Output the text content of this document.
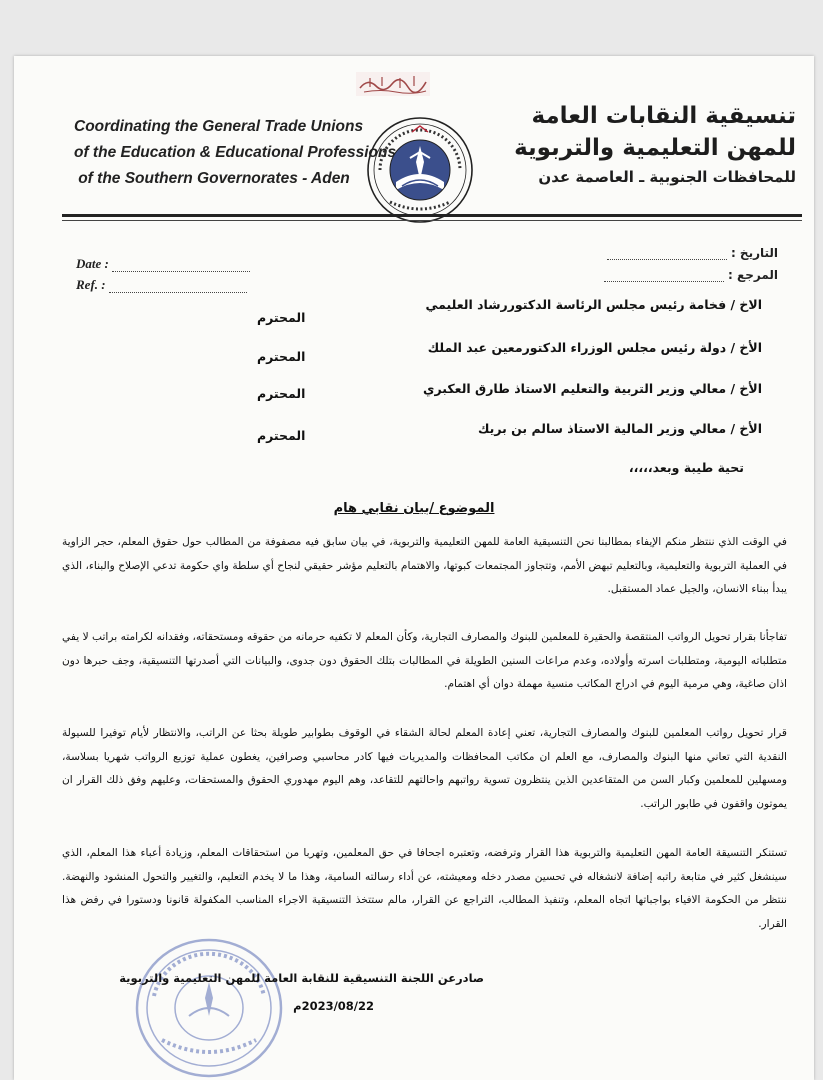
Coordinating the General Trade Unions
of the Education & Educational Professions
of the Southern Governorates - Aden
تنسيقية النقابات العامة
للمهن التعليمية والتربوية
للمحافظات الجنوبية ـ العاصمة عدن
Date :
Ref. :
التاريخ :
المرجع :
الاخ / فخامة رئيس مجلس الرئاسة الدكتوررشاد العليمي
المحترم
الأخ / دولة رئيس مجلس الوزراء الدكتورمعين عبد الملك
المحترم
الأخ / معالي وزير التربية والتعليم الاستاذ طارق العكبري
المحترم
الأخ / معالي وزير المالية الاستاذ سالم بن بريك
المحترم
تحية طيبة وبعد،،،،،
الموضوع /بيان نقابي هام
في الوقت الذي ننتظر منكم الإيفاء بمطالبنا نحن التنسيقية العامة للمهن التعليمية والتربوية، في بيان سابق فيه مصفوفة من المطالب حول حقوق المعلم، حجر الزاوية في العملية التربوية والتعليمية، وبالتعليم تبهض الأمم، وتتجاوز المجتمعات كبوتها، والاهتمام بالتعليم مؤشر حقيقي لنجاح أي سلطة واي حكومة تدعي الإصلاح والبناء، الذي يبدأ ببناء الانسان، والجيل عماد المستقبل.
تفاجأنا بقرار تحويل الرواتب المنتقصة والحقيرة للمعلمين للبنوك والمصارف التجارية، وكأن المعلم لا تكفيه حرمانه من حقوقه ومستحقاته، وفقدانه لكرامته براتب لا يفي متطلباته اليومية، ومتطلبات اسرته وأولاده، وعدم مراعات السنين الطويلة في المطالبات بتلك الحقوق دون جدوى، والبيانات التي أصدرتها التنسيقية، وجف حبرها دون اذان صاغية، وهي مرمية اليوم في ادراج المكاتب منسية مهملة دوان أي اهتمام.
قرار تحويل رواتب المعلمين للبنوك والمصارف التجارية، تعني إعادة المعلم لحالة الشقاء في الوقوف بطوابير طويلة بحثا عن الراتب، والانتظار لأيام توفيرا للسيولة النقدية التي تعاني منها البنوك والمصارف، مع العلم ان مكاتب المحافظات والمديريات فيها كادر محاسبي وصرافين، يغطون عملية توزيع الرواتب شهريا بسلاسة، ومسهلين للمعلمين وكبار السن من المتقاعدين الذين ينتظرون تسوية رواتبهم واحالتهم للتقاعد، وهم اليوم مهدوري الحقوق والمستحقات، وعليهم وفق ذلك القرار ان يموتون واقفون في طابور الراتب.
تستنكر التنسيقة العامة المهن التعليمية والتربوية هذا القرار وترفضه، وتعتبره اجحافا في حق المعلمين، وتهربا من استحقاقات المعلم، وزيادة أعباء هذا المعلم، الذي سينشغل كثير في متابعة راتبه إضافة لانشغاله في تحسين مصدر دخله ومعيشته، عن أداء رسالته السامية، وهذا ما لا يخدم التعليم، والتغيير والتحول المنشود والنهضة. ننتظر من الحكومة الافياء بواجباتها اتجاه المعلم، وتنفيذ المطالب، التراجع عن القرار، مالم ستتخذ التنسيقية الاجراء المناسب المكفولة قانونا ودستورا في رفض هذا القرار.
صادرعن اللجنة التنسيقية للنقابة العامة للمهن التعليمية والتربوية
2023/08/22م
